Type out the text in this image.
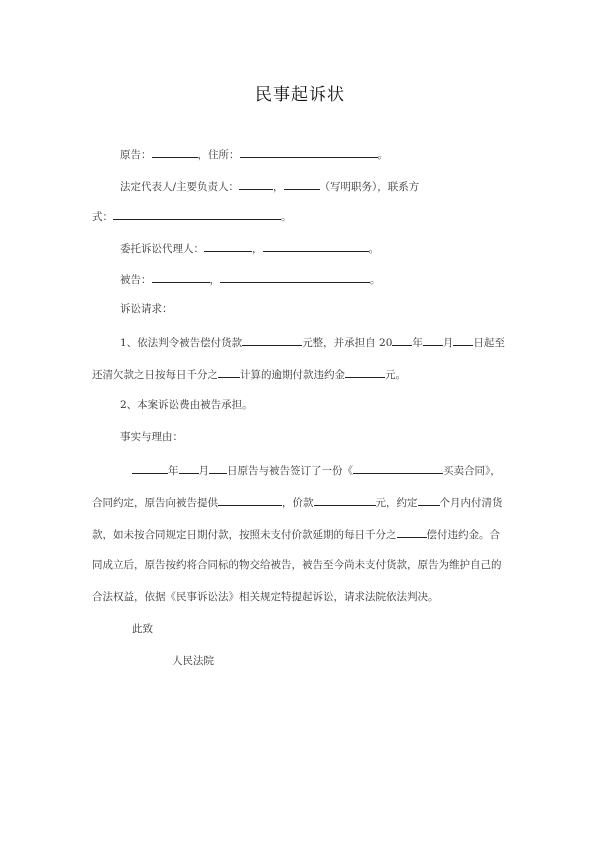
民事起诉状
原告：	，住所：	。
法定代表人/主要负责人：	，	（写明职务），联系方
式：	。
委托诉讼代理人：	，	。
被告：	，	。
诉讼请求：
1、依法判令被告偿付货款	元整，并承担自 20 年 月 日起至
还清欠款之日按每日千分之 计算的逾期付款违约金	元。
2、本案诉讼费由被告承担。
事实与理由：
年 月 日原告与被告签订了一份《	买卖合同》，
合同约定，原告向被告提供	，价款	元，约定 个月内付清货
款，如未按合同规定日期付款，按照未支付价款延期的每日千分之	偿付违约金。合
同成立后，原告按约将合同标的物交给被告，被告至今尚未支付货款，原告为维护自己的
合法权益，依据《民事诉讼法》相关规定特提起诉讼，请求法院依法判决。
此致
人民法院
